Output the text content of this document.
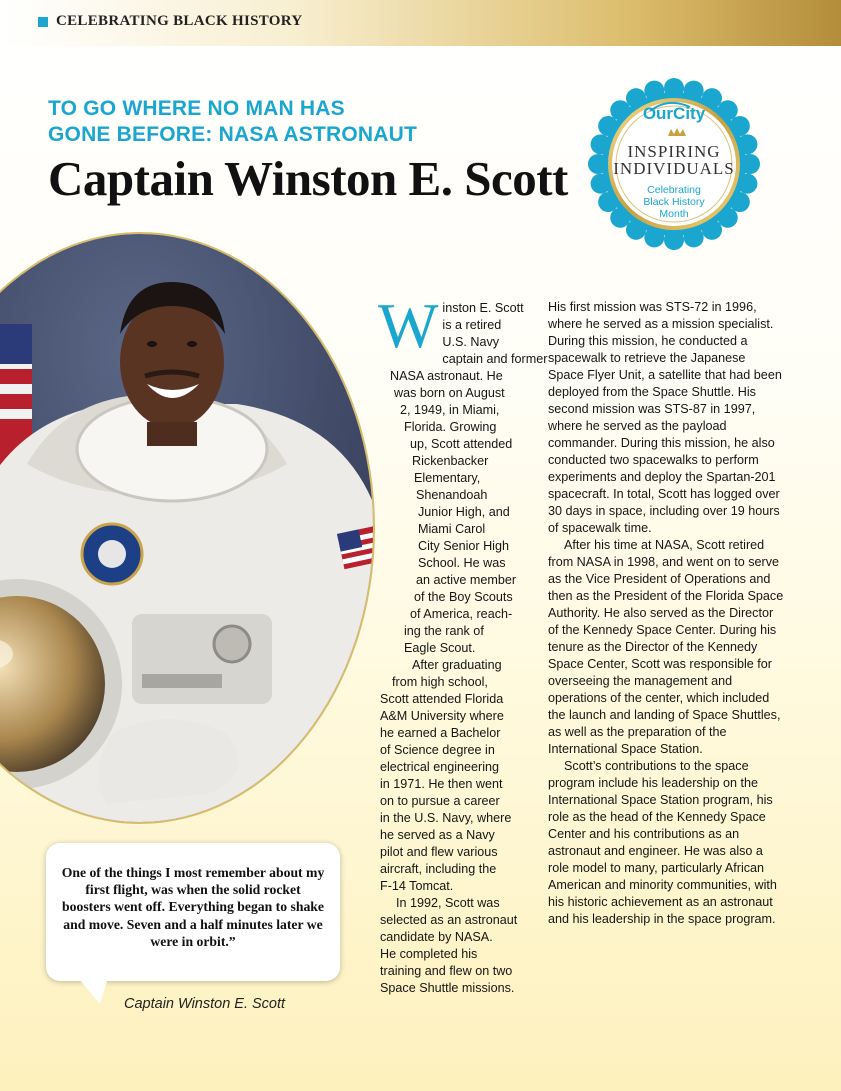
CELEBRATING BLACK HISTORY
TO GO WHERE NO MAN HAS
GONE BEFORE: NASA ASTRONAUT
Captain Winston E. Scott
OurCity
INSPIRING
INDIVIDUALS
Celebrating
Black History
Month
W inston E. Scott
is a retired
U.S. Navy
captain and former
NASA astronaut. He
was born on August
2, 1949, in Miami,
Florida. Growing
up, Scott attended
Rickenbacker
Elementary,
Shenandoah
Junior High, and
Miami Carol
City Senior High
School. He was
an active member
of the Boy Scouts
of America, reach-
ing the rank of
Eagle Scout.
After graduating
from high school,
Scott attended Florida
A&M University where
he earned a Bachelor
of Science degree in
electrical engineering
in 1971. He then went
on to pursue a career
in the U.S. Navy, where
he served as a Navy
pilot and flew various
aircraft, including the
F-14 Tomcat.
In 1992, Scott was
selected as an astronaut
candidate by NASA.
He completed his
training and flew on two
Space Shuttle missions.

His first mission was STS-72 in 1996, where he served as a mission specialist. During this mission, he conducted a spacewalk to retrieve the Japanese Space Flyer Unit, a satellite that had been deployed from the Space Shuttle. His second mission was STS-87 in 1997, where he served as the payload commander. During this mission, he also conducted two spacewalks to perform experiments and deploy the Spartan-201 spacecraft. In total, Scott has logged over 30 days in space, including over 19 hours of spacewalk time.

After his time at NASA, Scott retired from NASA in 1998, and went on to serve as the Vice President of Operations and then as the President of the Florida Space Authority. He also served as the Director of the Kennedy Space Center. During his tenure as the Director of the Kennedy Space Center, Scott was responsible for overseeing the management and operations of the center, which included the launch and landing of Space Shuttles, as well as the preparation of the International Space Station.

Scott’s contributions to the space program include his leadership on the International Space Station program, his role as the head of the Kennedy Space Center and his contributions as an astronaut and engineer. He was also a role model to many, particularly African American and minority communities, with his historic achievement as an astronaut and his leadership in the space program.

One of the things I most remember about my first flight, was when the solid rocket boosters went off. Everything began to shake and move. Seven and a half minutes later we were in orbit.”
Captain Winston E. Scott
